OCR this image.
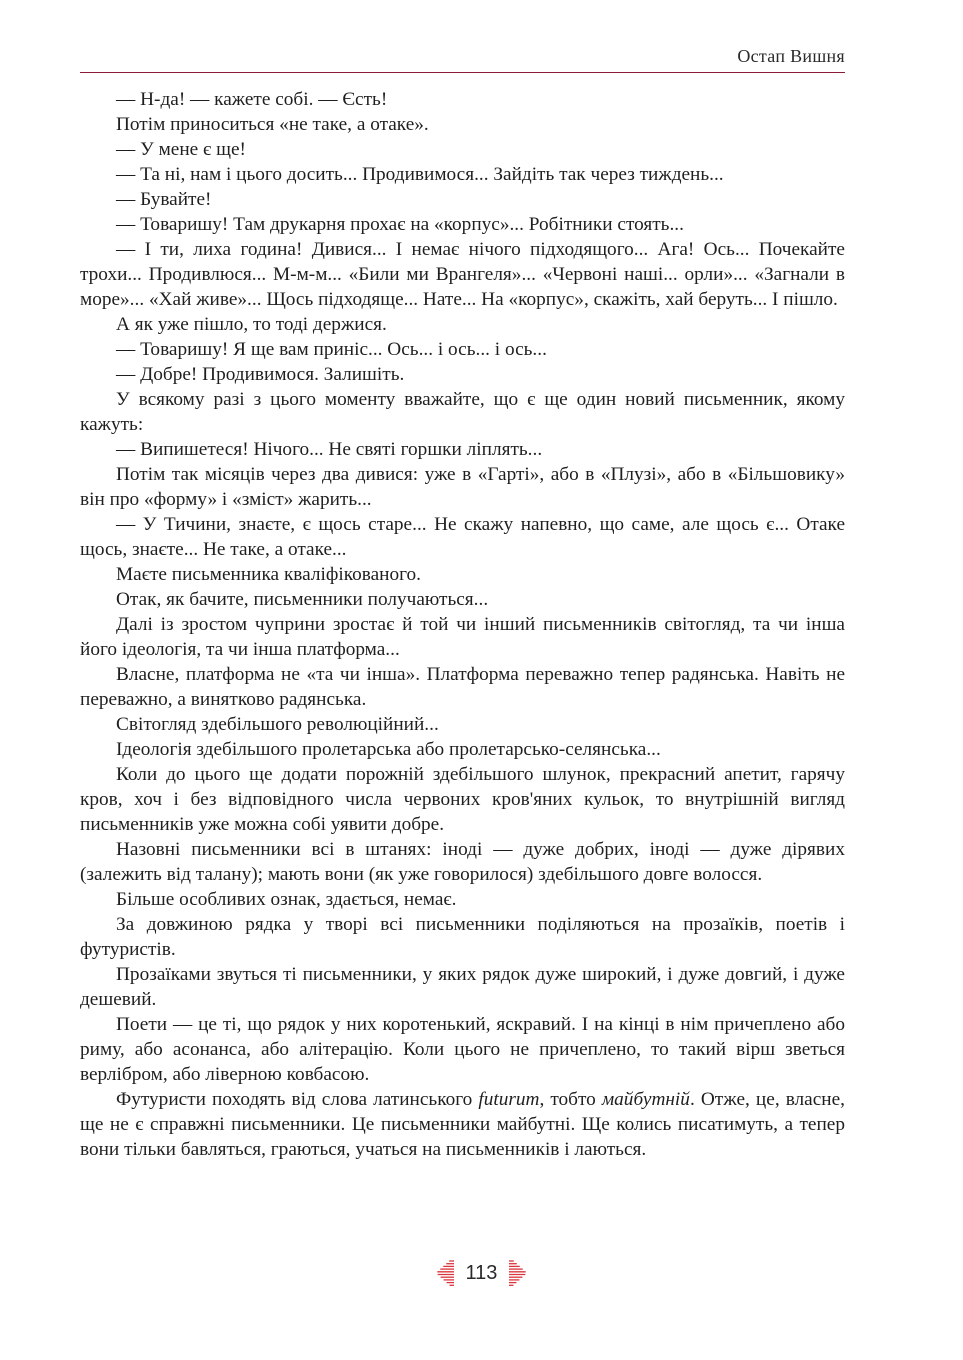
Остап Вишня

— Н-да! — кажете собі. — Єсть!

Потім приноситься «не таке, а отаке».

— У мене є ще!

— Та ні, нам і цього досить... Продивимося... Зайдіть так через тиждень...

— Бувайте!

— Товаришу! Там друкарня прохає на «корпус»... Робітники стоять...

— І ти, лиха година! Дивися... І немає нічого підходящого... Ага! Ось... Почекайте трохи... Продивлюся... М-м-м... «Били ми Врангеля»... «Червоні наші... орли»... «Загнали в море»... «Хай живе»... Щось підходяще... Нате... На «корпус», скажіть, хай беруть... І пішло.

А як уже пішло, то тоді держися.

— Товаришу! Я ще вам приніс... Ось... і ось... і ось...

— Добре! Продивимося. Залишіть.

У всякому разі з цього моменту вважайте, що є ще один новий письменник, якому кажуть:

— Випишетеся! Нічого... Не святі горшки ліплять...

Потім так місяців через два дивися: уже в «Гарті», або в «Плузі», або в «Більшовику» він про «форму» і «зміст» жарить...

— У Тичини, знаєте, є щось старе... Не скажу напевно, що саме, але щось є... Отаке щось, знаєте... Не таке, а отаке...

Маєте письменника кваліфікованого.

Отак, як бачите, письменники получаються...

Далі із зростом чуприни зростає й той чи інший письменників світогляд, та чи інша його ідеологія, та чи інша платформа...

Власне, платформа не «та чи інша». Платформа переважно тепер радянська. Навіть не переважно, а винятково радянська.

Світогляд здебільшого революційний...

Ідеологія здебільшого пролетарська або пролетарсько-селянська...

Коли до цього ще додати порожній здебільшого шлунок, прекрасний апетит, гарячу кров, хоч і без відповідного числа червоних кров'яних кульок, то внутрішній вигляд письменників уже можна собі уявити добре.

Назовні письменники всі в штанях: іноді — дуже добрих, іноді — дуже дірявих (залежить від талану); мають вони (як уже говорилося) здебільшого довге волосся.

Більше особливих ознак, здається, немає.

За довжиною рядка у творі всі письменники поділяються на прозаїків, поетів і футуристів.

Прозаїками звуться ті письменники, у яких рядок дуже широкий, і дуже довгий, і дуже дешевий.

Поети — це ті, що рядок у них коротенький, яскравий. І на кінці в нім причеплено або риму, або асонанса, або алітерацію. Коли цього не причеплено, то такий вірш зветься верлібром, або ліверною ковбасою.

Футуристи походять від слова латинського futurum, тобто майбутній. Отже, це, власне, ще не є справжні письменники. Це письменники майбутні. Ще колись писатимуть, а тепер вони тільки бавляться, граються, учаться на письменників і лаються.

113
